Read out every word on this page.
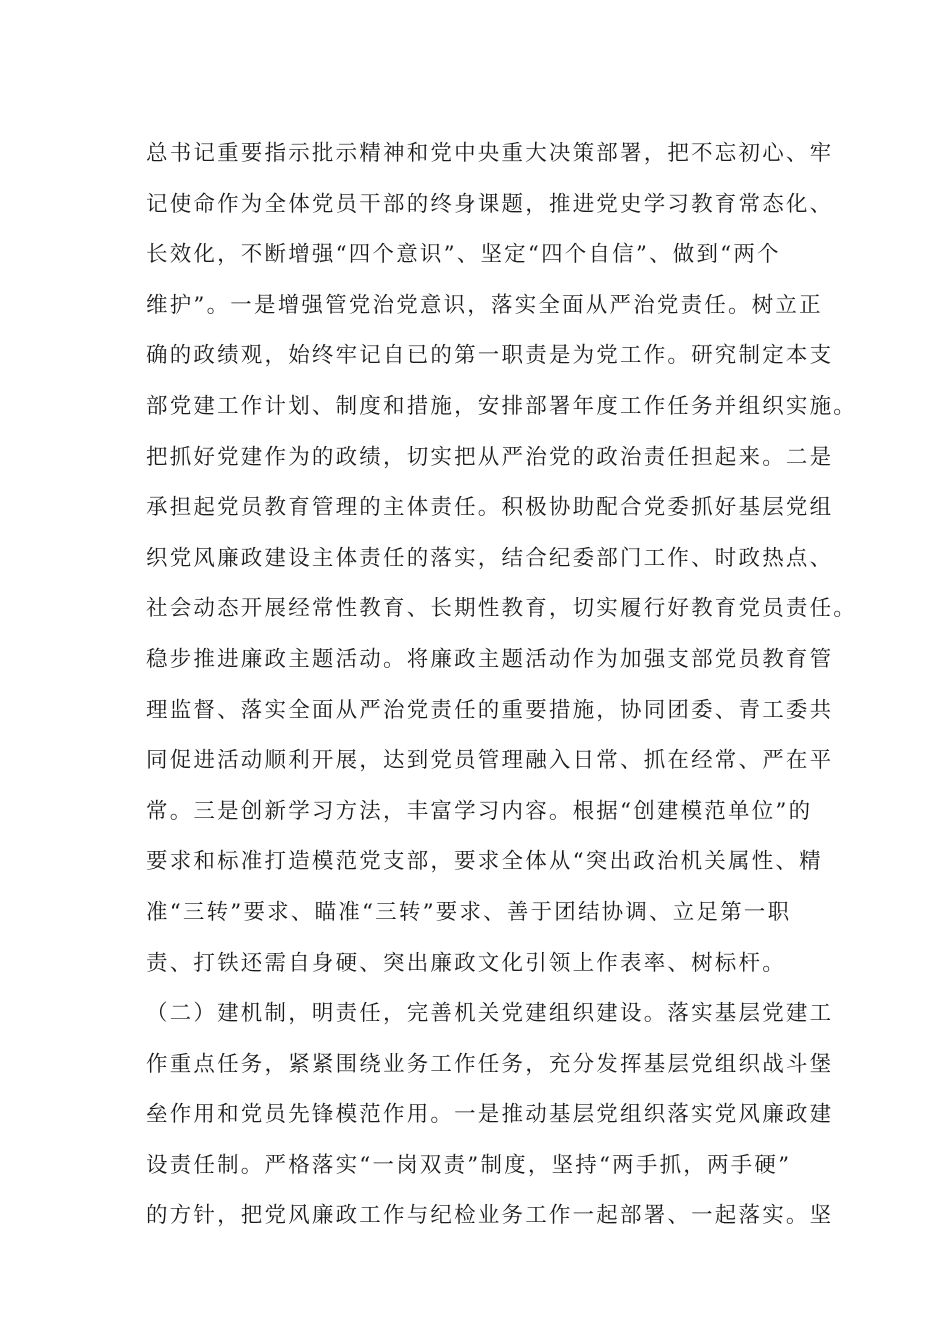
总书记重要指示批示精神和党中央重大决策部署，把不忘初心、牢
记使命作为全体党员干部的终身课题，推进党史学习教育常态化、
长效化，不断增强“四个意识”、坚定“四个自信”、做到“两个
维护”。一是增强管党治党意识，落实全面从严治党责任。树立正
确的政绩观，始终牢记自已的第一职责是为党工作。研究制定本支
部党建工作计划、制度和措施，安排部署年度工作任务并组织实施。
把抓好党建作为的政绩，切实把从严治党的政治责任担起来。二是
承担起党员教育管理的主体责任。积极协助配合党委抓好基层党组
织党风廉政建设主体责任的落实，结合纪委部门工作、时政热点、
社会动态开展经常性教育、长期性教育，切实履行好教育党员责任。
稳步推进廉政主题活动。将廉政主题活动作为加强支部党员教育管
理监督、落实全面从严治党责任的重要措施，协同团委、青工委共
同促进活动顺利开展，达到党员管理融入日常、抓在经常、严在平
常。三是创新学习方法，丰富学习内容。根据“创建模范单位”的
要求和标准打造模范党支部，要求全体从“突出政治机关属性、精
准“三转”要求、瞄准“三转”要求、善于团结协调、立足第一职
责、打铁还需自身硬、突出廉政文化引领上作表率、树标杆。
（二）建机制，明责任，完善机关党建组织建设。落实基层党建工
作重点任务，紧紧围绕业务工作任务，充分发挥基层党组织战斗堡
垒作用和党员先锋模范作用。一是推动基层党组织落实党风廉政建
设责任制。严格落实“一岗双责”制度，坚持“两手抓，两手硬”
的方针，把党风廉政工作与纪检业务工作一起部署、一起落实。坚
